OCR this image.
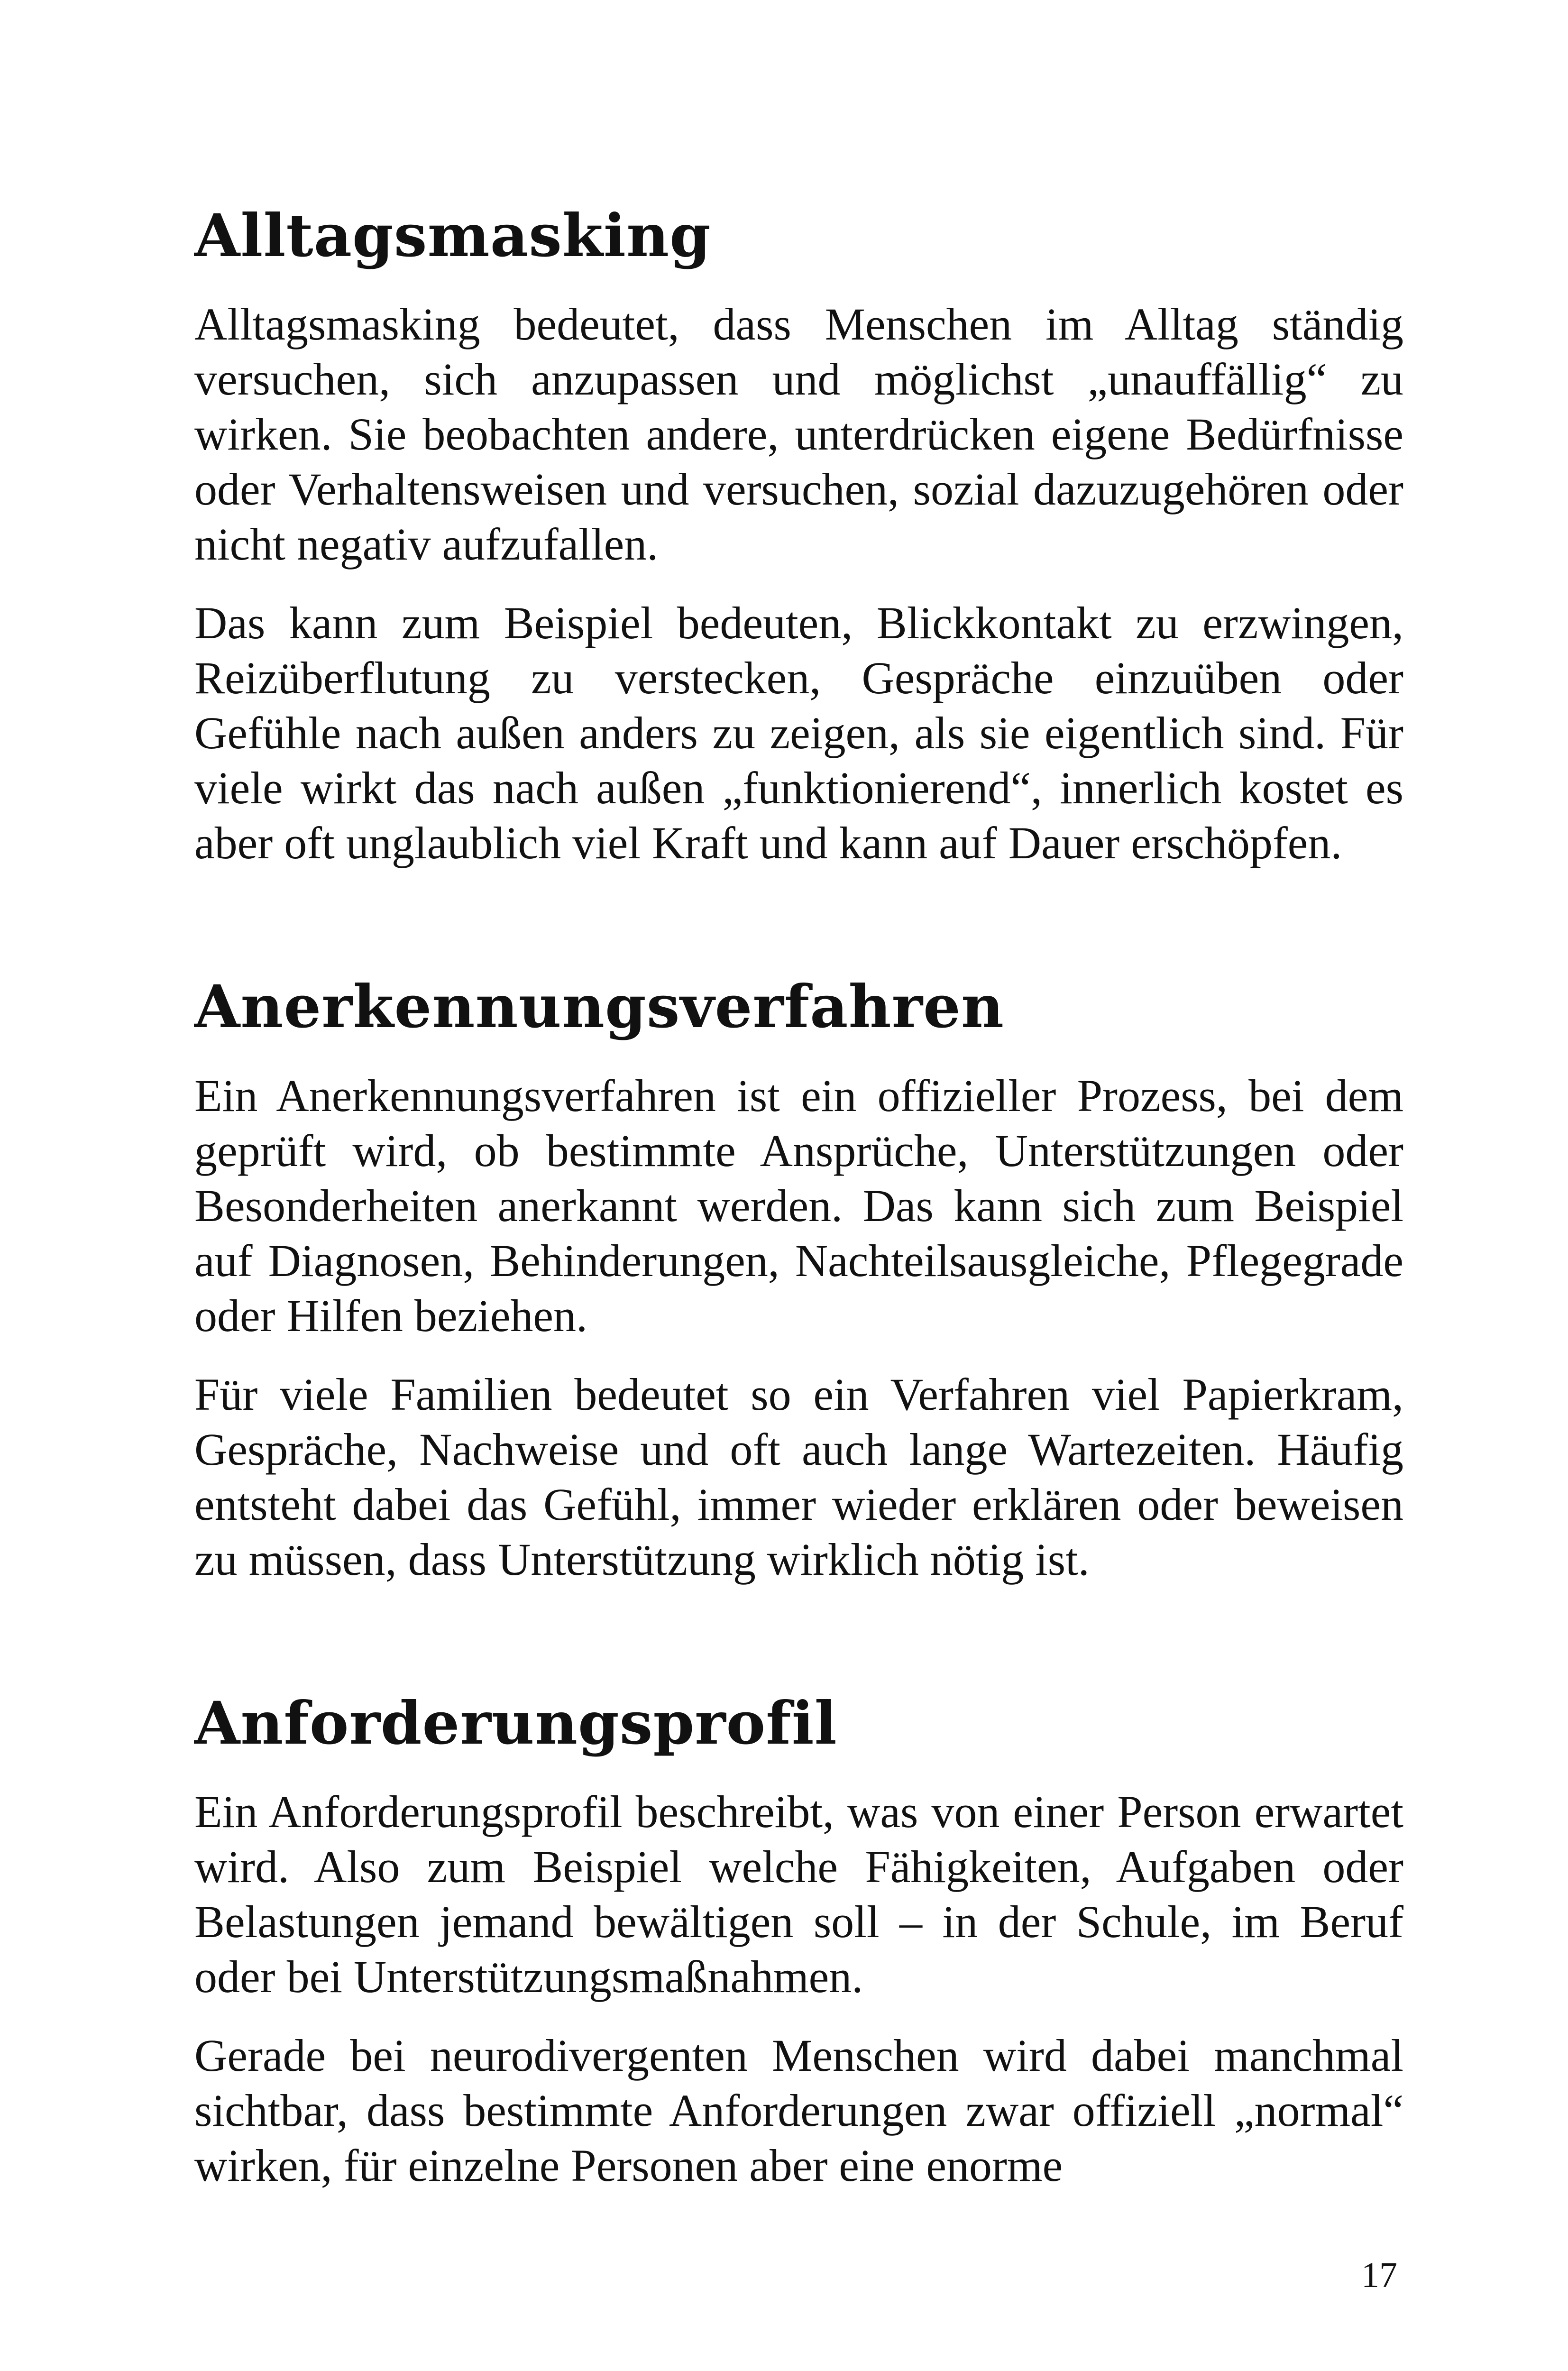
Alltagsmasking

Alltagsmasking bedeutet, dass Menschen im Alltag ständig versuchen, sich anzupassen und möglichst „unauffällig“ zu wirken. Sie beobachten andere, unterdrücken eigene Bedürfnisse oder Verhaltensweisen und versuchen, sozial dazuzugehören oder nicht negativ aufzufallen.

Das kann zum Beispiel bedeuten, Blickkontakt zu erzwingen, Reizüberflutung zu verstecken, Gespräche einzuüben oder Gefühle nach außen anders zu zeigen, als sie eigentlich sind. Für viele wirkt das nach außen „funktionierend“, innerlich kostet es aber oft unglaublich viel Kraft und kann auf Dauer erschöpfen.

Anerkennungsverfahren

Ein Anerkennungsverfahren ist ein offizieller Prozess, bei dem geprüft wird, ob bestimmte Ansprüche, Unterstützungen oder Besonderheiten anerkannt werden. Das kann sich zum Beispiel auf Diagnosen, Behinderungen, Nachteilsausgleiche, Pflegegrade oder Hilfen beziehen.

Für viele Familien bedeutet so ein Verfahren viel Papierkram, Gespräche, Nachweise und oft auch lange Wartezeiten. Häufig entsteht dabei das Gefühl, immer wieder erklären oder beweisen zu müssen, dass Unterstützung wirklich nötig ist.

Anforderungsprofil

Ein Anforderungsprofil beschreibt, was von einer Person erwartet wird. Also zum Beispiel welche Fähigkeiten, Aufgaben oder Belastungen jemand bewältigen soll – in der Schule, im Beruf oder bei Unterstützungsmaßnahmen.

Gerade bei neurodivergenten Menschen wird dabei manchmal sichtbar, dass bestimmte Anforderungen zwar offiziell „normal“ wirken, für einzelne Personen aber eine enorme

17
